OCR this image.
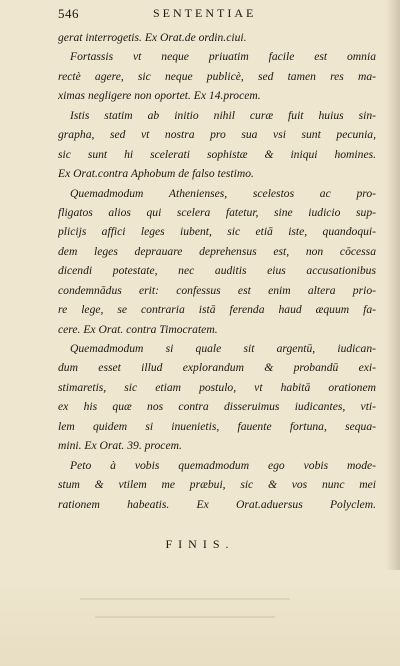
546	SENTENTIAE
gerat interrogetis. Ex Orat.de ordin.ciui.
Fortassis vt neque priuatim facile est omnia
rectè agere, sic neque publicè, sed tamen res ma-
ximas negligere non oportet. Ex 14.procem.
Istis statim ab initio nihil curæ fuit huius sin-
grapha, sed vt nostra pro sua vsi sunt pecunia,
sic sunt hi scelerati sophistæ & iniqui homines.
Ex Orat.contra Aphobum de falso testimo.
Quemadmodum Athenienses, scelestos ac pro-
fligatos alios qui scelera fatetur, sine iudicio sup-
plicijs affici leges iubent, sic etiā iste, quandoqui-
dem leges deprauare deprehensus est, non cōcessa
dicendi potestate, nec auditis eius accusationibus
condemnādus erit: confessus est enim altera prio-
re lege, se contraria istā ferenda haud æquum fa-
cere. Ex Orat. contra Timocratem.
Quemadmodum si quale sit argentū, iudican-
dum esset illud explorandum & probandū exi-
stimaretis, sic etiam postulo, vt habitā orationem
ex his quæ nos contra disseruimus iudicantes, vti-
lem quidem si inuenietis, fauente fortuna, sequa-
mini. Ex Orat. 39. procem.
Peto à vobis quemadmodum ego vobis mode-
stum & vtilem me præbui, sic & vos nunc mei
rationem habeatis. Ex Orat.aduersus Polyclem.
FINIS.
